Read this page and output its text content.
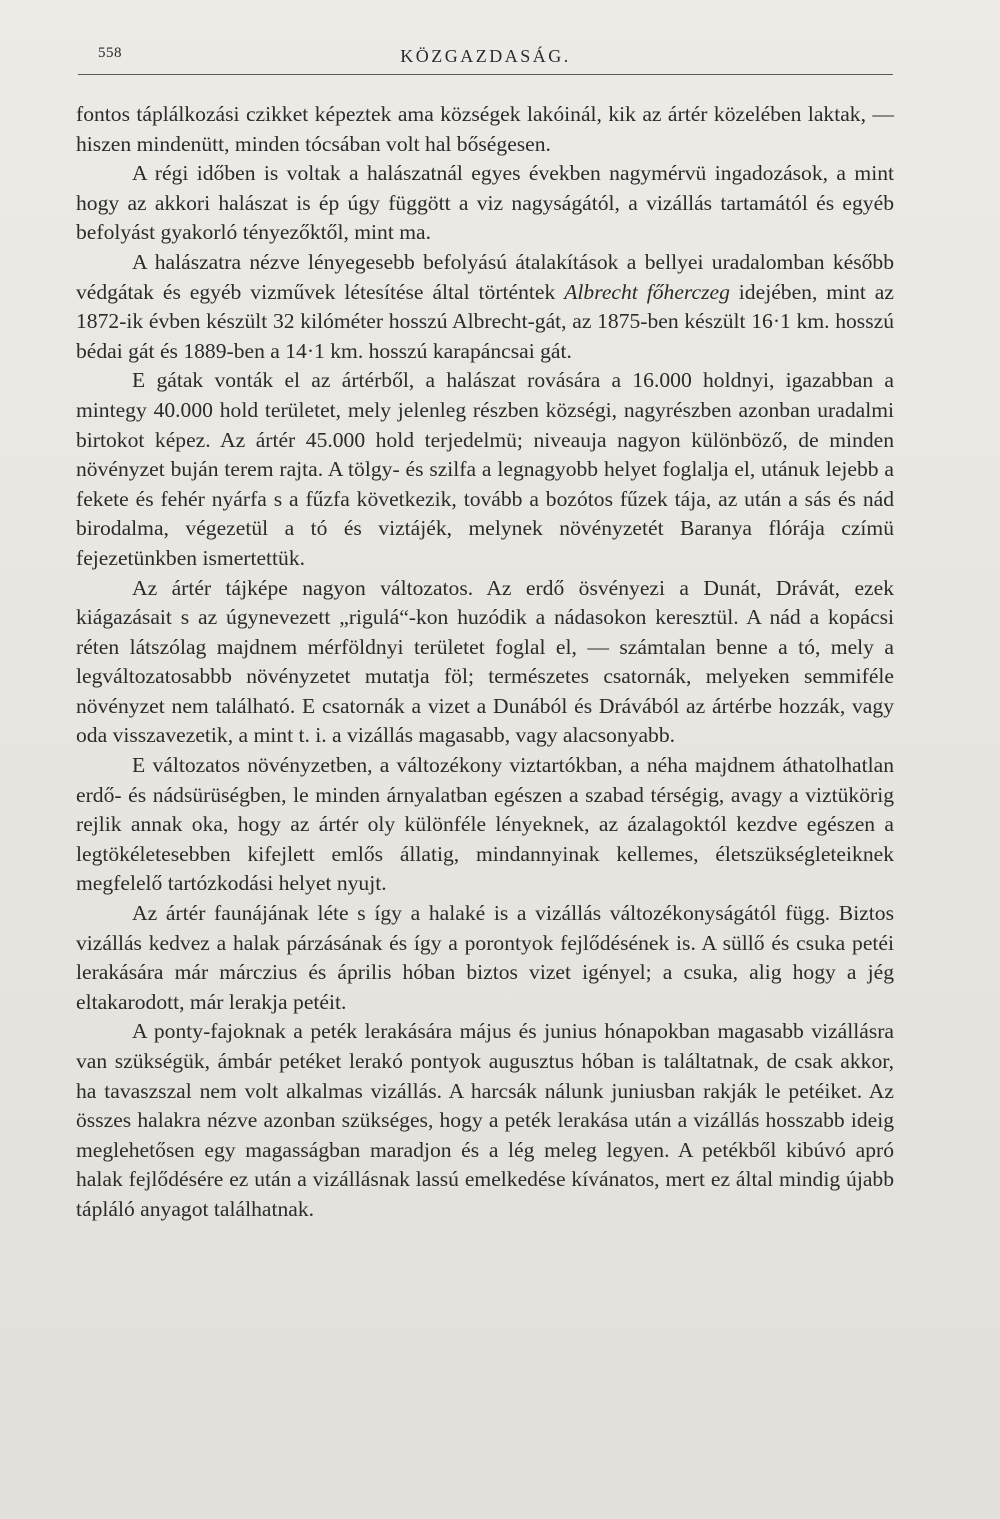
558	KÖZGAZDASÁG.

fontos táplálkozási czikket képeztek ama községek lakóinál, kik az ártér közelében laktak, — hiszen mindenütt, minden tócsában volt hal bőségesen.

A régi időben is voltak a halászatnál egyes években nagymérvü ingadozások, a mint hogy az akkori halászat is ép úgy függött a viz nagyságától, a vizállás tartamától és egyéb befolyást gyakorló tényezőktől, mint ma.

A halászatra nézve lényegesebb befolyású átalakítások a bellyei uradalomban később védgátak és egyéb vizművek létesítése által történtek Albrecht főherczeg idejében, mint az 1872-ik évben készült 32 kilóméter hosszú Albrecht-gát, az 1875-ben készült 16·1 km. hosszú bédai gát és 1889-ben a 14·1 km. hosszú karapáncsai gát.

E gátak vonták el az ártérből, a halászat rovására a 16.000 holdnyi, igazabban a mintegy 40.000 hold területet, mely jelenleg részben községi, nagyrészben azonban uradalmi birtokot képez. Az ártér 45.000 hold terjedelmü; niveauja nagyon különböző, de minden növényzet buján terem rajta. A tölgy- és szilfa a legnagyobb helyet foglalja el, utánuk lejebb a fekete és fehér nyárfa s a fűzfa következik, tovább a bozótos fűzek tája, az után a sás és nád birodalma, végezetül a tó és viztájék, melynek növényzetét Baranya flórája czímü fejezetünkben ismertettük.

Az ártér tájképe nagyon változatos. Az erdő ösvényezi a Dunát, Drávát, ezek kiágazásait s az úgynevezett „rigulá“-kon huzódik a nádasokon keresztül. A nád a kopácsi réten látszólag majdnem mérföldnyi területet foglal el, — számtalan benne a tó, mely a legváltozatosabbb növényzetet mutatja föl; természetes csatornák, melyeken semmiféle növényzet nem található. E csatornák a vizet a Dunából és Drávából az ártérbe hozzák, vagy oda visszavezetik, a mint t. i. a vizállás magasabb, vagy alacsonyabb.

E változatos növényzetben, a változékony viztartókban, a néha majdnem áthatolhatlan erdő- és nádsürüségben, le minden árnyalatban egészen a szabad térségig, avagy a viztükörig rejlik annak oka, hogy az ártér oly különféle lényeknek, az ázalagoktól kezdve egészen a legtökéletesebben kifejlett emlős állatig, mindannyinak kellemes, életszükségleteiknek megfelelő tartózkodási helyet nyujt.

Az ártér faunájának léte s így a halaké is a vizállás változékonyságától függ. Biztos vizállás kedvez a halak párzásának és így a porontyok fejlődésének is. A süllő és csuka petéi lerakására már márczius és április hóban biztos vizet igényel; a csuka, alig hogy a jég eltakarodott, már lerakja petéit.

A ponty-fajoknak a peték lerakására május és junius hónapokban magasabb vizállásra van szükségük, ámbár petéket lerakó pontyok augusztus hóban is találtatnak, de csak akkor, ha tavaszszal nem volt alkalmas vizállás. A harcsák nálunk juniusban rakják le petéiket. Az összes halakra nézve azonban szükséges, hogy a peték lerakása után a vizállás hosszabb ideig meglehetősen egy magasságban maradjon és a lég meleg legyen. A petékből kibúvó apró halak fejlődésére ez után a vizállásnak lassú emelkedése kívánatos, mert ez által mindig újabb tápláló anyagot találhatnak.
